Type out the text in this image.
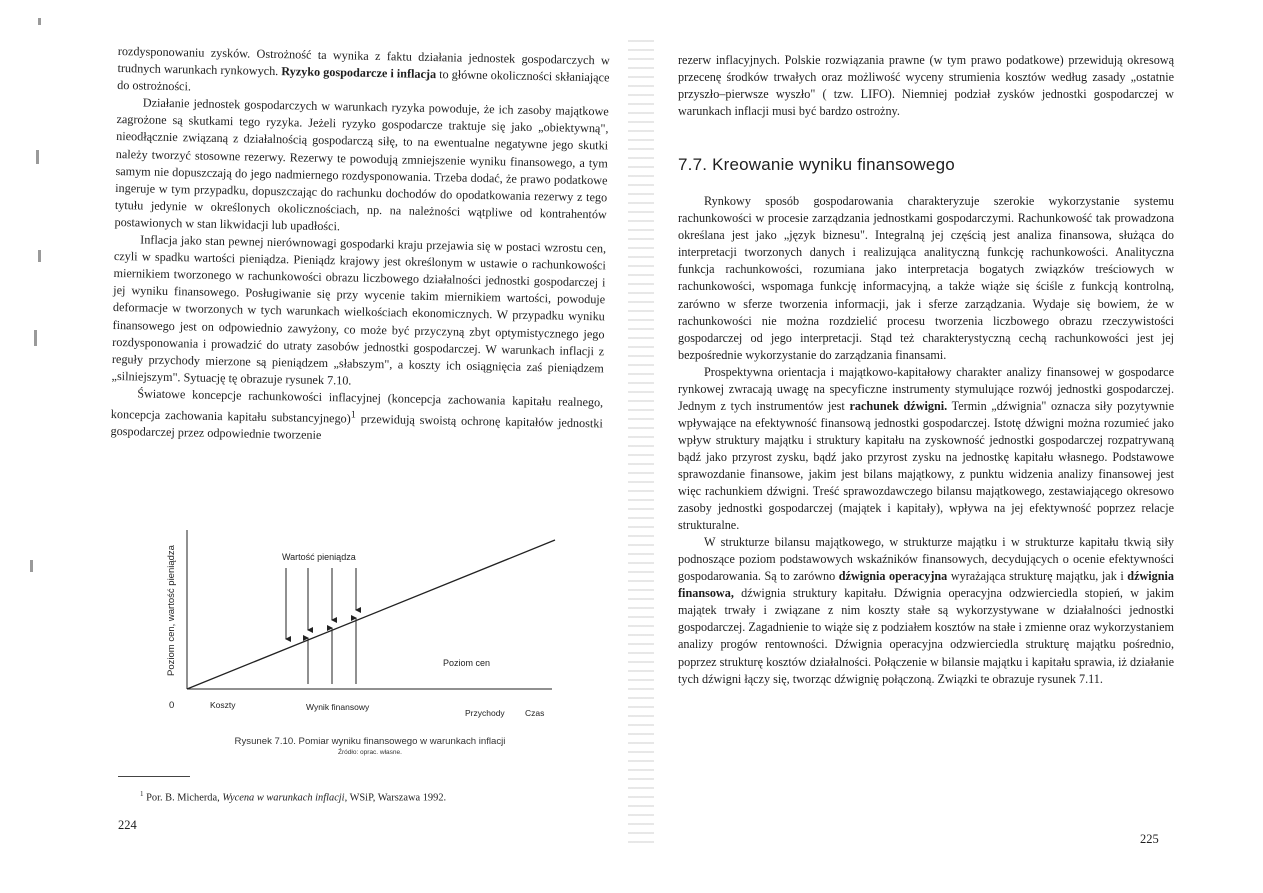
rozdysponowaniu zysków. Ostrożność ta wynika z faktu działania jednostek gospodarczych w trudnych warunkach rynkowych. Ryzyko gospodarcze i inflacja to główne okoliczności skłaniające do ostrożności.

Działanie jednostek gospodarczych w warunkach ryzyka powoduje, że ich zasoby majątkowe zagrożone są skutkami tego ryzyka. Jeżeli ryzyko gospodarcze traktuje się jako „obiektywną", nieodłącznie związaną z działalnością gospodarczą siłę, to na ewentualne negatywne jego skutki należy tworzyć stosowne rezerwy. Rezerwy te powodują zmniejszenie wyniku finansowego, a tym samym nie dopuszczają do jego nadmiernego rozdysponowania. Trzeba dodać, że prawo podatkowe ingeruje w tym przypadku, dopuszczając do rachunku dochodów do opodatkowania rezerwy z tego tytułu jedynie w określonych okolicznościach, np. na należności wątpliwe od kontrahentów postawionych w stan likwidacji lub upadłości.

Inflacja jako stan pewnej nierównowagi gospodarki kraju przejawia się w postaci wzrostu cen, czyli w spadku wartości pieniądza. Pieniądz krajowy jest określonym w ustawie o rachunkowości miernikiem tworzonego w rachunkowości obrazu liczbowego działalności jednostki gospodarczej i jej wyniku finansowego. Posługiwanie się przy wycenie takim miernikiem wartości, powoduje deformacje w tworzonych w tych warunkach wielkościach ekonomicznych. W przypadku wyniku finansowego jest on odpowiednio zawyżony, co może być przyczyną zbyt optymistycznego jego rozdysponowania i prowadzić do utraty zasobów jednostki gospodarczej. W warunkach inflacji z reguły przychody mierzone są pieniądzem „słabszym", a koszty ich osiągnięcia zaś pieniądzem „silniejszym". Sytuację tę obrazuje rysunek 7.10.

Światowe koncepcje rachunkowości inflacyjnej (koncepcja zachowania kapitału realnego, koncepcja zachowania kapitału substancyjnego)$^1$ przewidują swoistą ochronę kapitałów jednostki gospodarczej przez odpowiednie tworzenie

Poziom cen, wartość pieniądza
0
Wartość pieniądza
Poziom cen
Koszty	Wynik finansowy
Przychody Czas
Rysunek 7.10. Pomiar wyniku finansowego w warunkach inflacji
Źródło: oprac. własne.
$^1$ Por. B. Micherda, Wycena w warunkach inflacji, WSiP, Warszawa 1992.
224

rezerw inflacyjnych. Polskie rozwiązania prawne (w tym prawo podatkowe) przewidują okresową przecenę środków trwałych oraz możliwość wyceny strumienia kosztów według zasady „ostatnie przyszło–pierwsze wyszło" ( tzw. LIFO). Niemniej podział zysków jednostki gospodarczej w warunkach inflacji musi być bardzo ostrożny.

7.7. Kreowanie wyniku finansowego

Rynkowy sposób gospodarowania charakteryzuje szerokie wykorzystanie systemu rachunkowości w procesie zarządzania jednostkami gospodarczymi. Rachunkowość tak prowadzona określana jest jako „język biznesu". Integralną jej częścią jest analiza finansowa, służąca do interpretacji tworzonych danych i realizująca analityczną funkcję rachunkowości. Analityczna funkcja rachunkowości, rozumiana jako interpretacja bogatych związków treściowych w rachunkowości, wspomaga funkcję informacyjną, a także wiąże się ściśle z funkcją kontrolną, zarówno w sferze tworzenia informacji, jak i sferze zarządzania. Wydaje się bowiem, że w rachunkowości nie można rozdzielić procesu tworzenia liczbowego obrazu rzeczywistości gospodarczej od jego interpretacji. Stąd też charakterystyczną cechą rachunkowości jest jej bezpośrednie wykorzystanie do zarządzania finansami.

Prospektywna orientacja i majątkowo-kapitałowy charakter analizy finansowej w gospodarce rynkowej zwracają uwagę na specyficzne instrumenty stymulujące rozwój jednostki gospodarczej. Jednym z tych instrumentów jest rachunek dźwigni. Termin „dźwignia" oznacza siły pozytywnie wpływające na efektywność finansową jednostki gospodarczej. Istotę dźwigni można rozumieć jako wpływ struktury majątku i struktury kapitału na zyskowność jednostki gospodarczej rozpatrywaną bądź jako przyrost zysku, bądź jako przyrost zysku na jednostkę kapitału własnego. Podstawowe sprawozdanie finansowe, jakim jest bilans majątkowy, z punktu widzenia analizy finansowej jest więc rachunkiem dźwigni. Treść sprawozdawczego bilansu majątkowego, zestawiającego okresowo zasoby jednostki gospodarczej (majątek i kapitały), wpływa na jej efektywność poprzez relacje strukturalne.

W strukturze bilansu majątkowego, w strukturze majątku i w strukturze kapitału tkwią siły podnoszące poziom podstawowych wskaźników finansowych, decydujących o ocenie efektywności gospodarowania. Są to zarówno dźwignia operacyjna wyrażająca strukturę majątku, jak i dźwignia finansowa, dźwignia struktury kapitału. Dźwignia operacyjna odzwierciedla stopień, w jakim majątek trwały i związane z nim koszty stałe są wykorzystywane w działalności jednostki gospodarczej. Zagadnienie to wiąże się z podziałem kosztów na stałe i zmienne oraz wykorzystaniem analizy progów rentowności. Dźwignia operacyjna odzwierciedla strukturę majątku pośrednio, poprzez strukturę kosztów działalności. Połączenie w bilansie majątku i kapitału sprawia, iż działanie tych dźwigni łączy się, tworząc dźwignię połączoną. Związki te obrazuje rysunek 7.11.

225
